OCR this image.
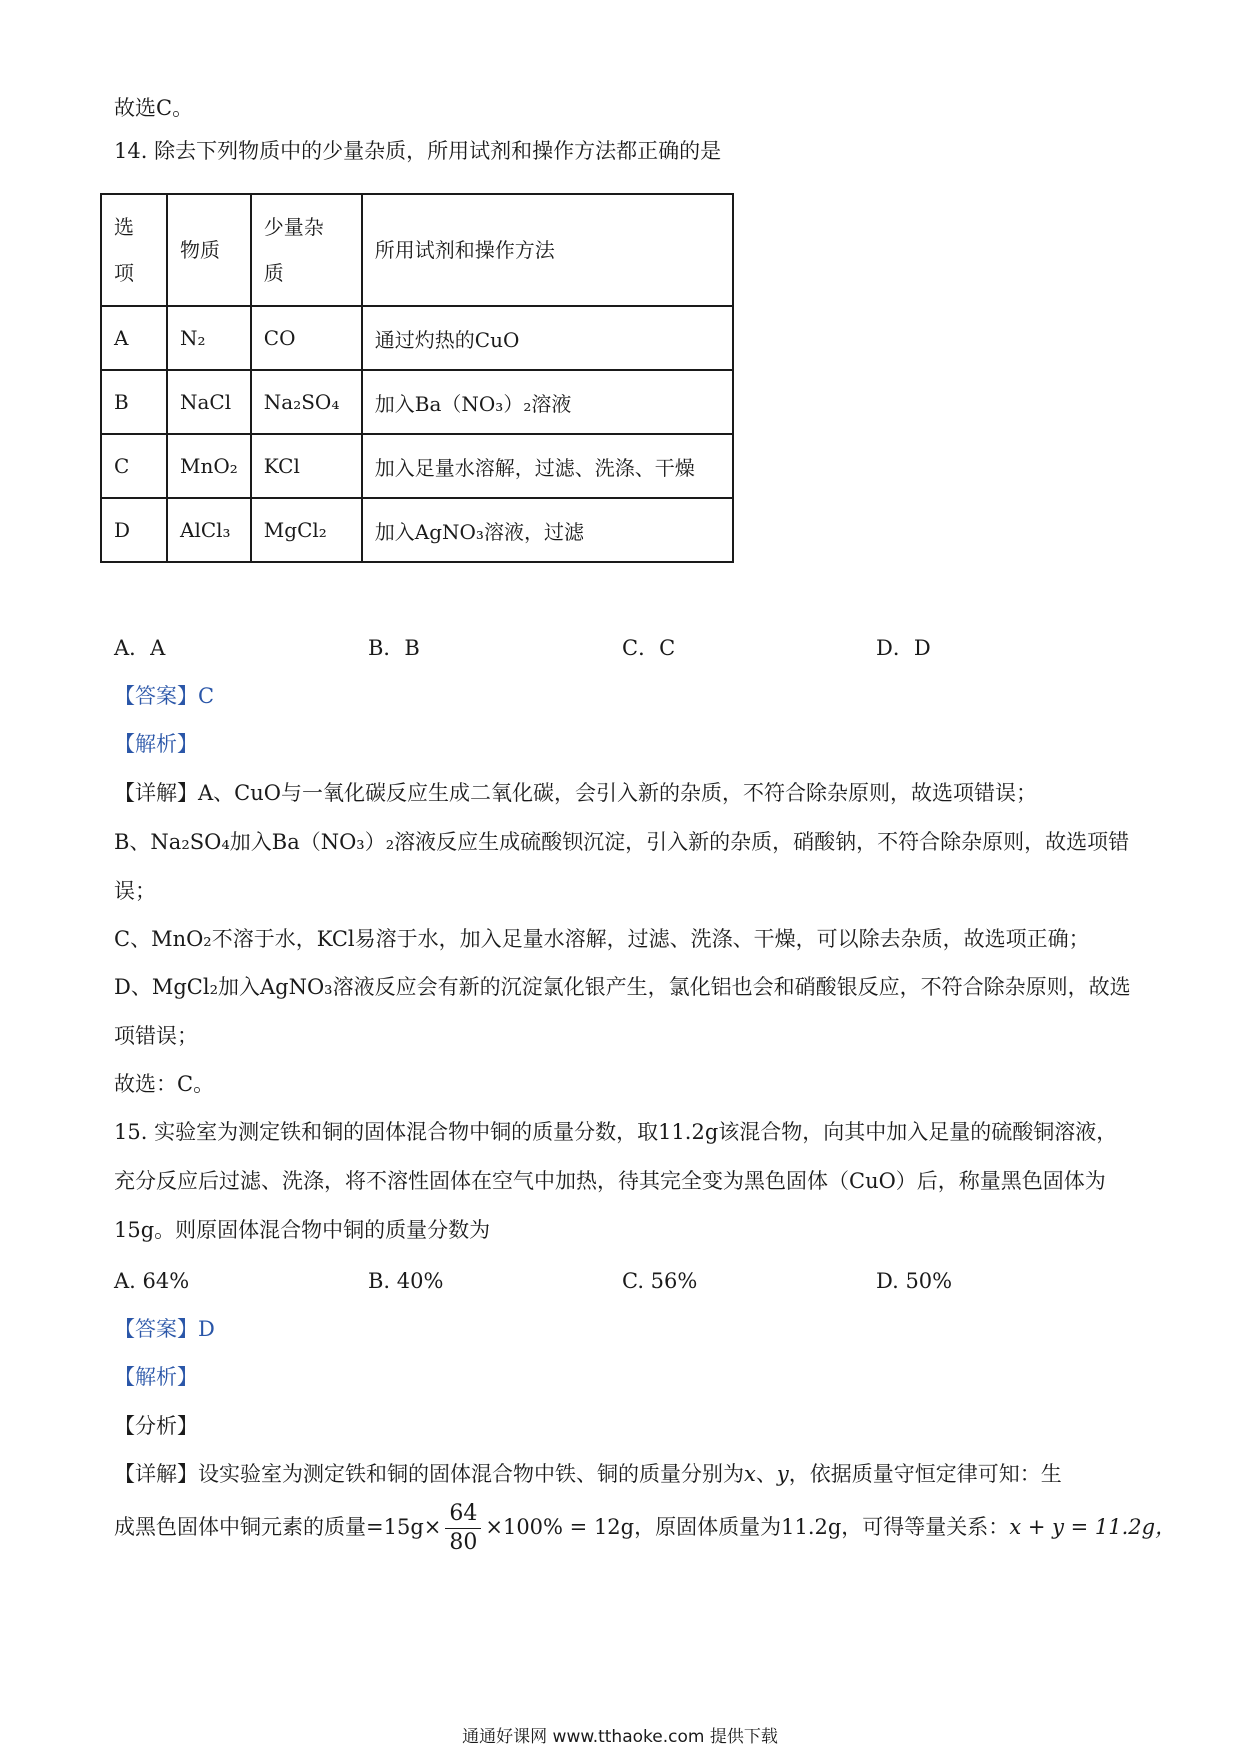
故选C。
14. 除去下列物质中的少量杂质，所用试剂和操作方法都正确的是
选
项	物质	少量杂
质	所用试剂和操作方法
A	N₂	CO	通过灼热的CuO
B	NaCl	Na₂SO₄	加入Ba（NO₃）₂溶液
C	MnO₂	KCl	加入足量水溶解，过滤、洗涤、干燥
D	AlCl₃	MgCl₂	加入AgNO₃溶液，过滤
A．A	B．B	C．C	D．D
【答案】C
【解析】
【详解】A、CuO与一氧化碳反应生成二氧化碳，会引入新的杂质，不符合除杂原则，故选项错误；
B、Na₂SO₄加入Ba（NO₃）₂溶液反应生成硫酸钡沉淀，引入新的杂质，硝酸钠，不符合除杂原则，故选项错误；
C、MnO₂不溶于水，KCl易溶于水，加入足量水溶解，过滤、洗涤、干燥，可以除去杂质，故选项正确；
D、MgCl₂加入AgNO₃溶液反应会有新的沉淀氯化银产生，氯化铝也会和硝酸银反应，不符合除杂原则，故选项错误；
故选：C。
15. 实验室为测定铁和铜的固体混合物中铜的质量分数，取11.2g该混合物，向其中加入足量的硫酸铜溶液，充分反应后过滤、洗涤，将不溶性固体在空气中加热，待其完全变为黑色固体（CuO）后，称量黑色固体为15g。则原固体混合物中铜的质量分数为
A. 64%	B. 40%	C. 56%	D. 50%
【答案】D
【解析】
【分析】
【详解】设实验室为测定铁和铜的固体混合物中铁、铜的质量分别为x、y，依据质量守恒定律可知：生
成黑色固体中铜元素的质量$=15g\times \frac{64}{80} \times 100\% = 12g$，原固体质量为11.2g，可得等量关系：x + y = 11.2g，
通通好课网 www.tthaoke.com 提供下载
